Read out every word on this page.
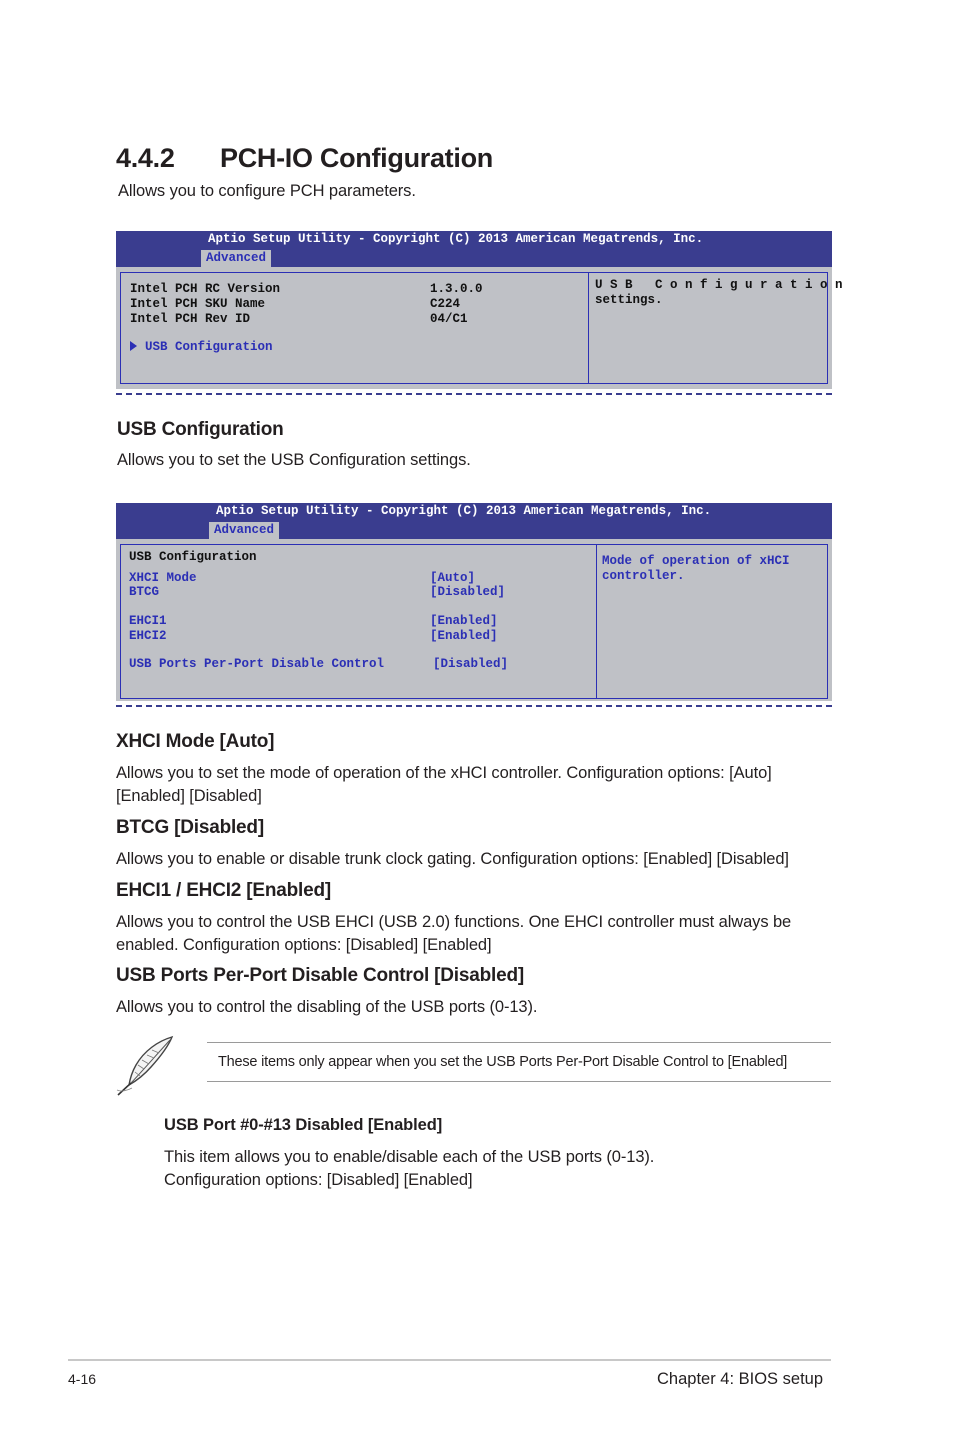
4.4.2 PCH-IO Configuration
Allows you to configure PCH parameters.
Aptio Setup Utility - Copyright (C) 2013 American Megatrends, Inc.
Advanced
Intel PCH RC Version	1.3.0.0
Intel PCH SKU Name	C224
Intel PCH Rev ID	04/C1
USB Configuration
U S B   C o n f i g u r a t i o n
settings.
USB Configuration
Allows you to set the USB Configuration settings.
Aptio Setup Utility - Copyright (C) 2013 American Megatrends, Inc.
Advanced
USB Configuration
XHCI Mode	[Auto]
BTCG	[Disabled]
EHCI1	[Enabled]
EHCI2	[Enabled]
USB Ports Per-Port Disable Control	[Disabled]
Mode of operation of xHCI
controller.
XHCI Mode [Auto]
Allows you to set the mode of operation of the xHCI controller. Configuration options: [Auto] [Enabled] [Disabled]
BTCG [Disabled]
Allows you to enable or disable trunk clock gating. Configuration options: [Enabled] [Disabled]
EHCI1 / EHCI2 [Enabled]
Allows you to control the USB EHCI (USB 2.0) functions. One EHCI controller must always be enabled. Configuration options: [Disabled] [Enabled]
USB Ports Per-Port Disable Control [Disabled]
Allows you to control the disabling of the USB ports (0-13).
These items only appear when you set the USB Ports Per-Port Disable Control to [Enabled]
USB Port #0-#13 Disabled [Enabled]
This item allows you to enable/disable each of the USB ports (0-13).
Configuration options: [Disabled] [Enabled]
4-16	Chapter 4: BIOS setup
